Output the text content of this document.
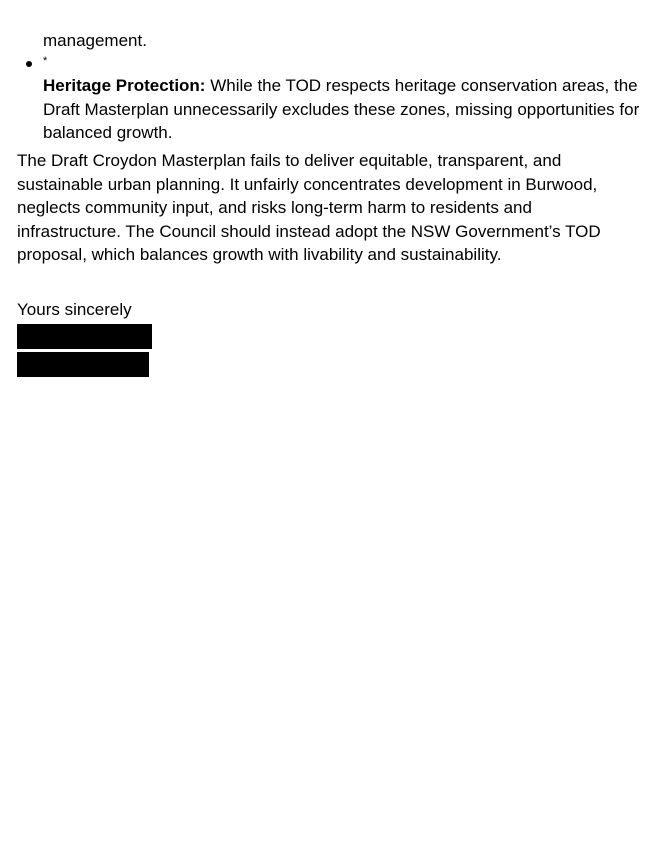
management.

*

Heritage Protection: While the TOD respects heritage conservation areas, the Draft Masterplan unnecessarily excludes these zones, missing opportunities for balanced growth.

The Draft Croydon Masterplan fails to deliver equitable, transparent, and sustainable urban planning. It unfairly concentrates development in Burwood, neglects community input, and risks long-term harm to residents and infrastructure. The Council should instead adopt the NSW Government’s TOD proposal, which balances growth with livability and sustainability.

Yours sincerely
